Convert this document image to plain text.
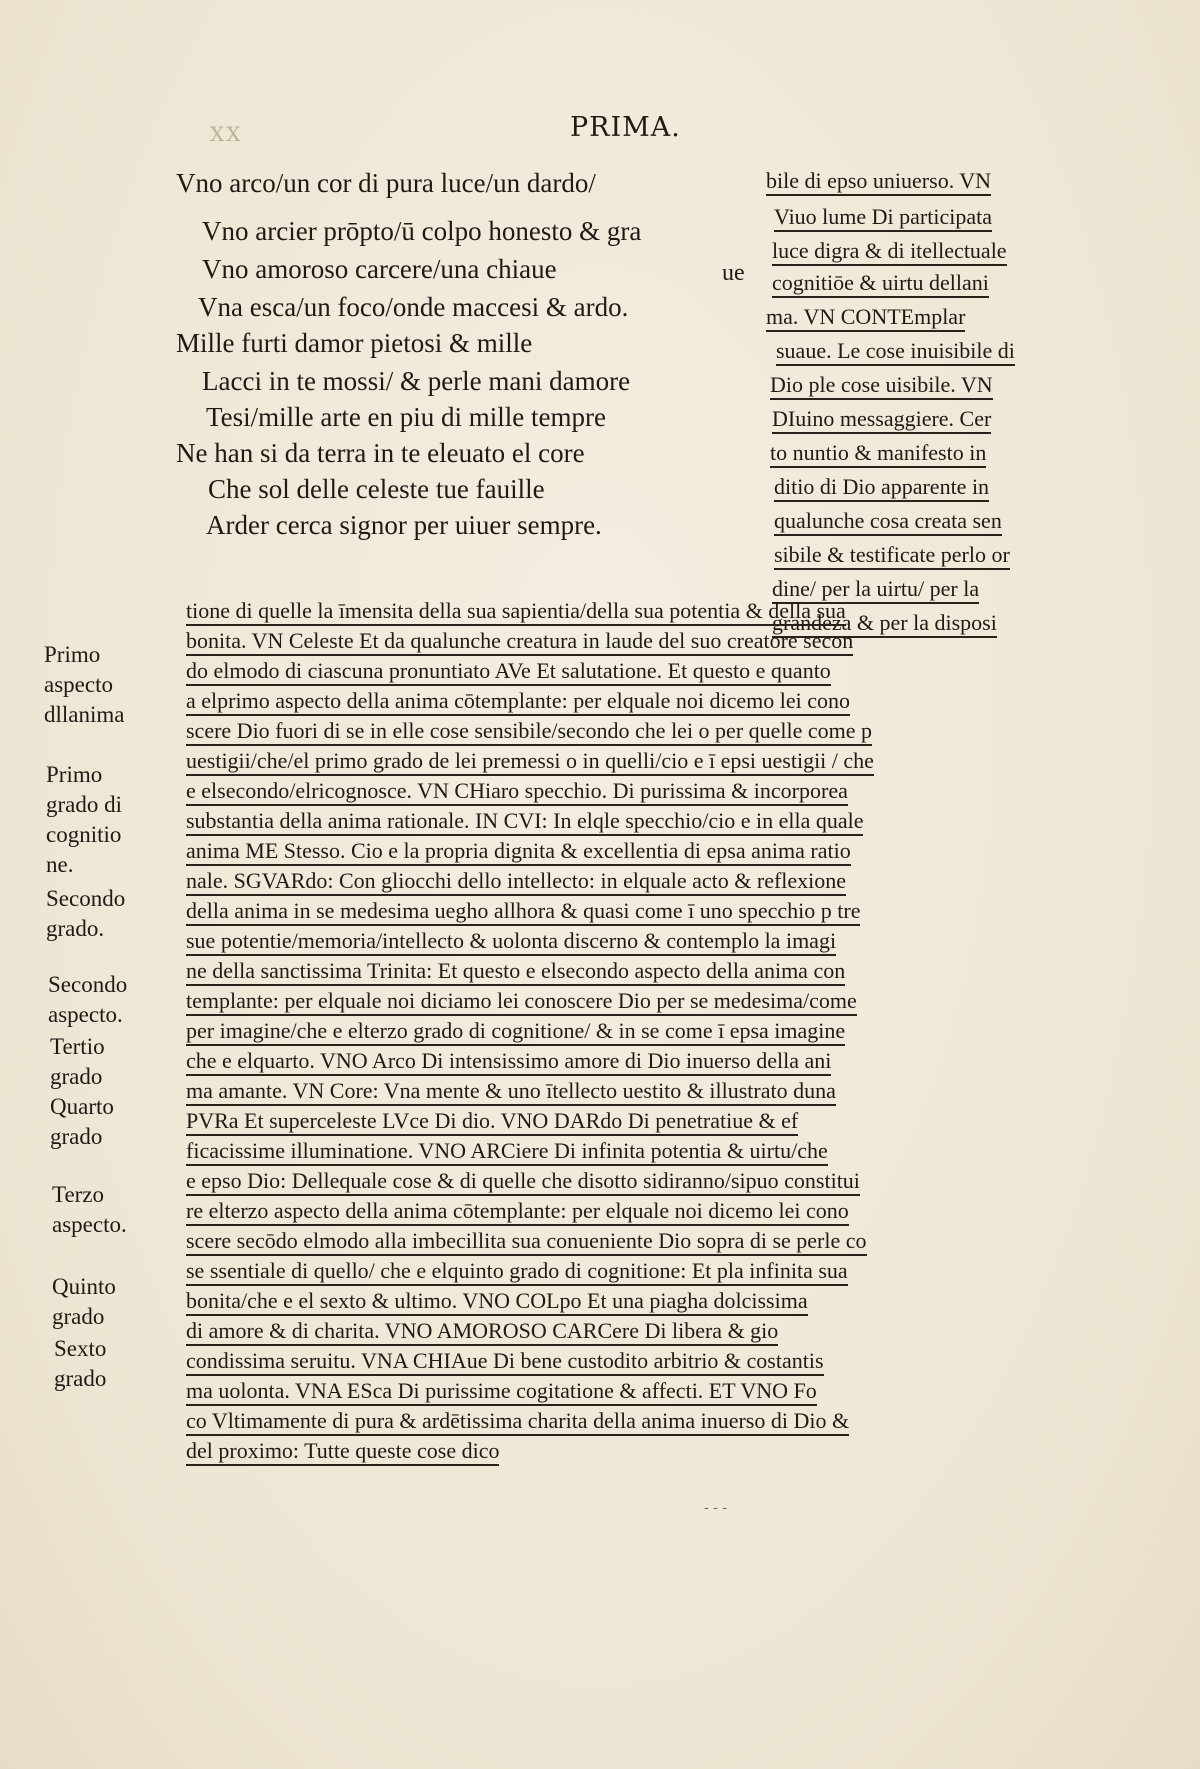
XX	PRIMA.
Vno arco/un cor di pura luce/un dardo/
Vno arcier prōpto/ū colpo honesto & gra
Vno amoroso carcere/una chiaue
Vna esca/un foco/onde maccesi & ardo.
Mille furti damor pietosi & mille
Lacci in te mossi/ & perle mani damore
Tesi/mille arte en piu di mille tempre
Ne han si da terra in te eleuato el core
Che sol delle celeste tue fauille
Arder cerca signor per uiuer sempre.
ue
bile di epso uniuerso. VN
Viuo lume Di participata
luce digra & di itellectuale
cognitiōe & uirtu dellani
ma. VN CONTEmplar
suaue. Le cose inuisibile di
Dio ple cose uisibile. VN
DIuino messaggiere. Cer
to nuntio & manifesto in
ditio di Dio apparente in
qualunche cosa creata sen
sibile & testificate perlo or
dine/ per la uirtu/ per la
grandeza & per la disposi
tione di quelle la īmensita della sua sapientia/della sua potentia & della sua
bonita. VN Celeste Et da qualunche creatura in laude del suo creatore secon
do elmodo di ciascuna pronuntiato AVe Et salutatione. Et questo e quanto
a elprimo aspecto della anima cōtemplante: per elquale noi dicemo lei cono
scere Dio fuori di se in elle cose sensibile/secondo che lei o per quelle come p
uestigii/che/el primo grado de lei premessi o in quelli/cio e ī epsi uestigii / che
e elsecondo/elricognosce. VN CHiaro specchio. Di purissima & incorporea
substantia della anima rationale. IN CVI: In elqle specchio/cio e in ella quale
anima ME Stesso. Cio e la propria dignita & excellentia di epsa anima ratio
nale. SGVARdo: Con gliocchi dello intellecto: in elquale acto & reflexione
della anima in se medesima uegho allhora & quasi come ī uno specchio p tre
sue potentie/memoria/intellecto & uolonta discerno & contemplo la imagi
ne della sanctissima Trinita: Et questo e elsecondo aspecto della anima con
templante: per elquale noi diciamo lei conoscere Dio per se medesima/come
per imagine/che e elterzo grado di cognitione/ & in se come ī epsa imagine
che e elquarto. VNO Arco Di intensissimo amore di Dio inuerso della ani
ma amante. VN Core: Vna mente & uno ītellecto uestito & illustrato duna
PVRa Et superceleste LVce Di dio. VNO DARdo Di penetratiue & ef
ficacissime illuminatione. VNO ARCiere Di infinita potentia & uirtu/che
e epso Dio: Dellequale cose & di quelle che disotto sidiranno/sipuo constitui
re elterzo aspecto della anima cōtemplante: per elquale noi dicemo lei cono
scere secōdo elmodo alla imbecillita sua conueniente Dio sopra di se perle co
se ssentiale di quello/ che e elquinto grado di cognitione: Et pla infinita sua
bonita/che e el sexto & ultimo. VNO COLpo Et una piagha dolcissima
di amore & di charita. VNO AMOROSO CARCere Di libera & gio
condissima seruitu. VNA CHIAue Di bene custodito arbitrio & costantis
ma uolonta. VNA ESca Di purissime cogitatione & affecti. ET VNO Fo
co Vltimamente di pura & ardētissima charita della anima inuerso di Dio &
del proximo: Tutte queste cose dico
Primo
aspecto
dllanima
Primo
grado di
cognitio
ne.
Secondo
grado.
Secondo
aspecto.
Tertio
grado
Quarto
grado
Terzo
aspecto.
Quinto
grado
Sexto
grado
- - -
